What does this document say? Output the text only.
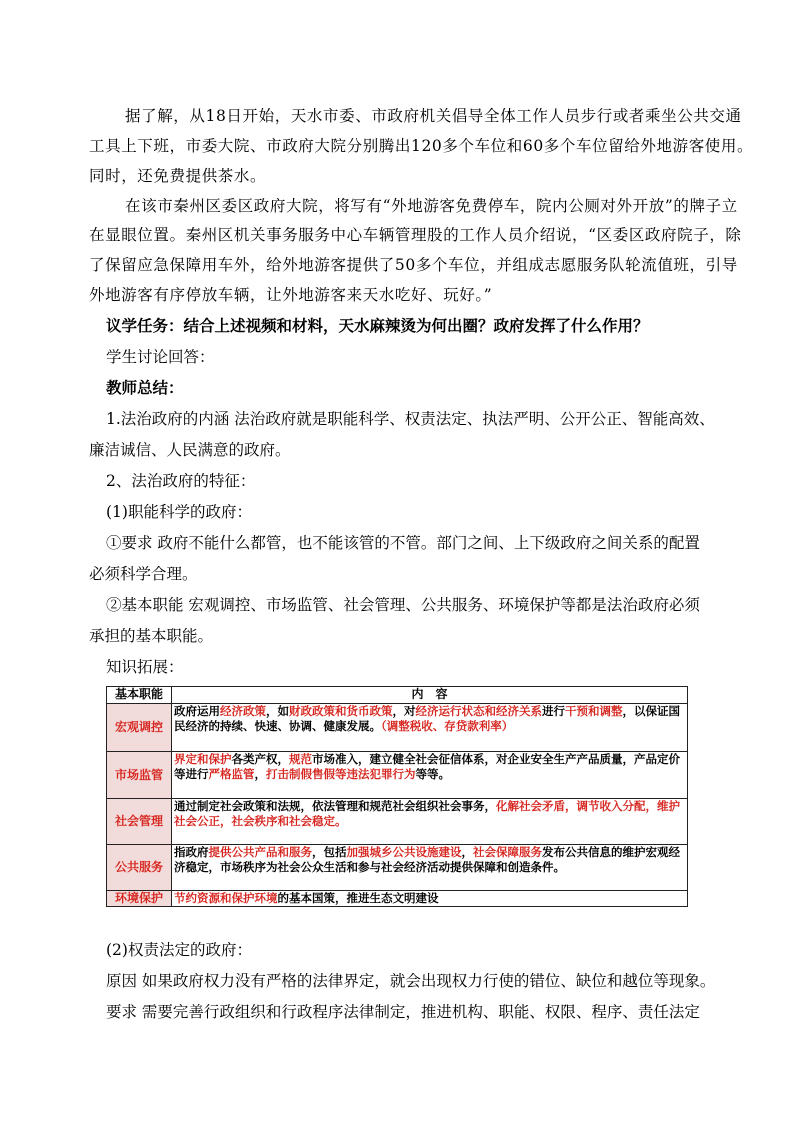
据了解，从18日开始，天水市委、市政府机关倡导全体工作人员步行或者乘坐公共交通
工具上下班，市委大院、市政府大院分别腾出120多个车位和60多个车位留给外地游客使用。
同时，还免费提供茶水。
在该市秦州区委区政府大院，将写有“外地游客免费停车，院内公厕对外开放”的牌子立
在显眼位置。秦州区机关事务服务中心车辆管理股的工作人员介绍说，“区委区政府院子，除
了保留应急保障用车外，给外地游客提供了50多个车位，并组成志愿服务队轮流值班，引导
外地游客有序停放车辆，让外地游客来天水吃好、玩好。”
议学任务：结合上述视频和材料，天水麻辣烫为何出圈？政府发挥了什么作用？
学生讨论回答：
教师总结：
1.法治政府的内涵 法治政府就是职能科学、权责法定、执法严明、公开公正、智能高效、
廉洁诚信、人民满意的政府。
2、法治政府的特征：
(1)职能科学的政府：
①要求 政府不能什么都管，也不能该管的不管。部门之间、上下级政府之间关系的配置
必须科学合理。
②基本职能 宏观调控、市场监管、社会管理、公共服务、环境保护等都是法治政府必须
承担的基本职能。
知识拓展：
基本职能	内　容
宏观调控	政府运用经济政策，如财政政策和货币政策，对经济运行状态和经济关系进行干预和调整，以保证国民经济的持续、快速、协调、健康发展。（调整税收、存贷款利率）
市场监管	界定和保护各类产权，规范市场准入，建立健全社会征信体系，对企业安全生产产品质量，产品定价等进行严格监管，打击制假售假等违法犯罪行为等等。
社会管理	通过制定社会政策和法规，依法管理和规范社会组织社会事务，化解社会矛盾，调节收入分配，维护社会公正，社会秩序和社会稳定。
公共服务	指政府提供公共产品和服务，包括加强城乡公共设施建设，社会保障服务发布公共信息的维护宏观经济稳定，市场秩序为社会公众生活和参与社会经济活动提供保障和创造条件。
环境保护	节约资源和保护环境的基本国策，推进生态文明建设
(2)权责法定的政府：
原因 如果政府权力没有严格的法律界定，就会出现权力行使的错位、缺位和越位等现象。
要求 需要完善行政组织和行政程序法律制定，推进机构、职能、权限、程序、责任法定
